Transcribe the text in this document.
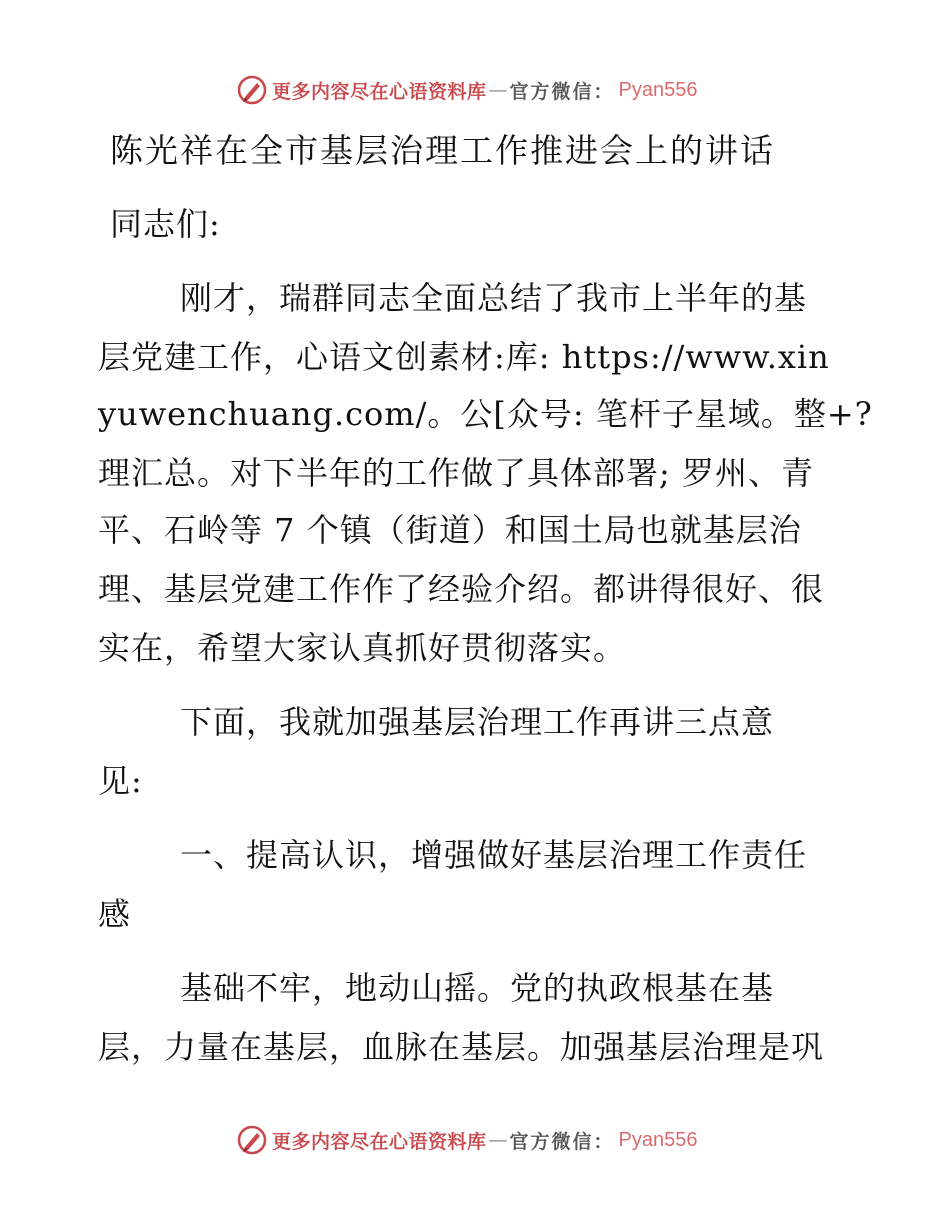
更多内容尽在心语资料库 — 官方微信： Pyan556
陈光祥在全市基层治理工作推进会上的讲话
同志们:
刚才，瑞群同志全面总结了我市上半年的基
层党建工作，心语文创素材:库: https://www.xin
yuwenchuang.com/。公[众号: 笔杆子星域。整+?
理汇总。对下半年的工作做了具体部署; 罗州、青
平、石岭等 7 个镇（街道）和国土局也就基层治
理、基层党建工作作了经验介绍。都讲得很好、很
实在，希望大家认真抓好贯彻落实。
下面，我就加强基层治理工作再讲三点意
见:
一、提高认识，增强做好基层治理工作责任
感
基础不牢，地动山摇。党的执政根基在基
层，力量在基层，血脉在基层。加强基层治理是巩
更多内容尽在心语资料库 — 官方微信： Pyan556
